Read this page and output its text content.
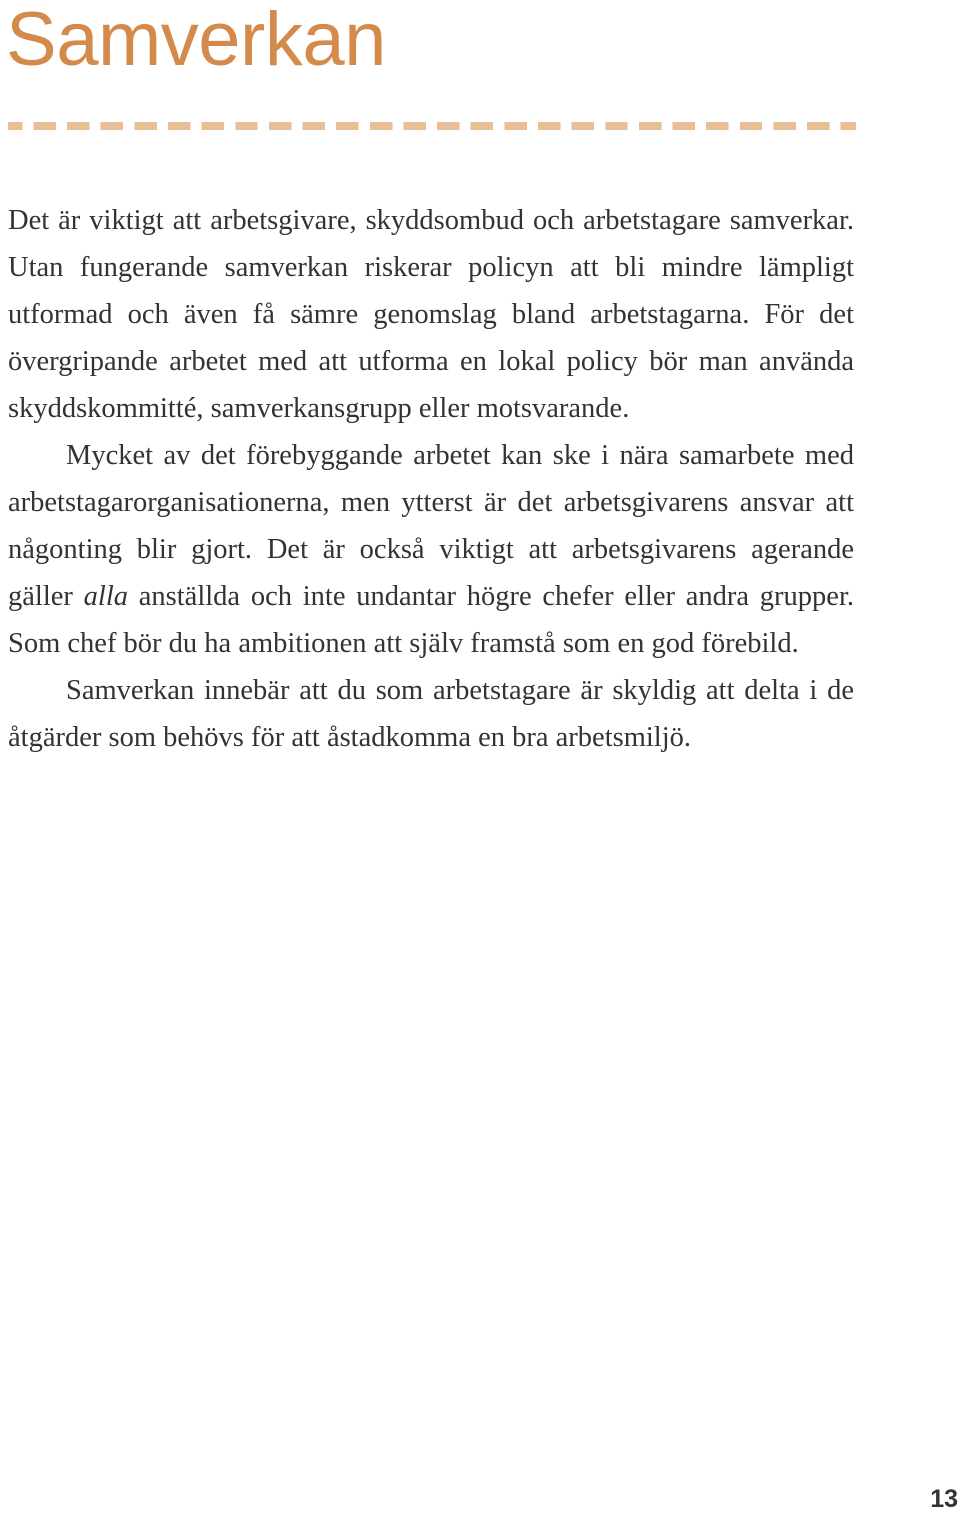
Samverkan

Det är viktigt att arbetsgivare, skyddsombud och arbetstagare samverkar. Utan fungerande samverkan riskerar policyn att bli mindre lämpligt utformad och även få sämre genomslag bland arbetstagarna. För det övergripande arbetet med att utforma en lokal policy bör man använda skyddskommitté, samverkansgrupp eller motsvarande.

Mycket av det förebyggande arbetet kan ske i nära samarbete med arbetstagarorganisationerna, men ytterst är det arbetsgivarens ansvar att någonting blir gjort. Det är också viktigt att arbetsgivarens agerande gäller alla anställda och inte undantar högre chefer eller andra grupper. Som chef bör du ha ambitionen att själv framstå som en god förebild.

Samverkan innebär att du som arbetstagare är skyldig att delta i de åtgärder som behövs för att åstadkomma en bra arbetsmiljö.

13
